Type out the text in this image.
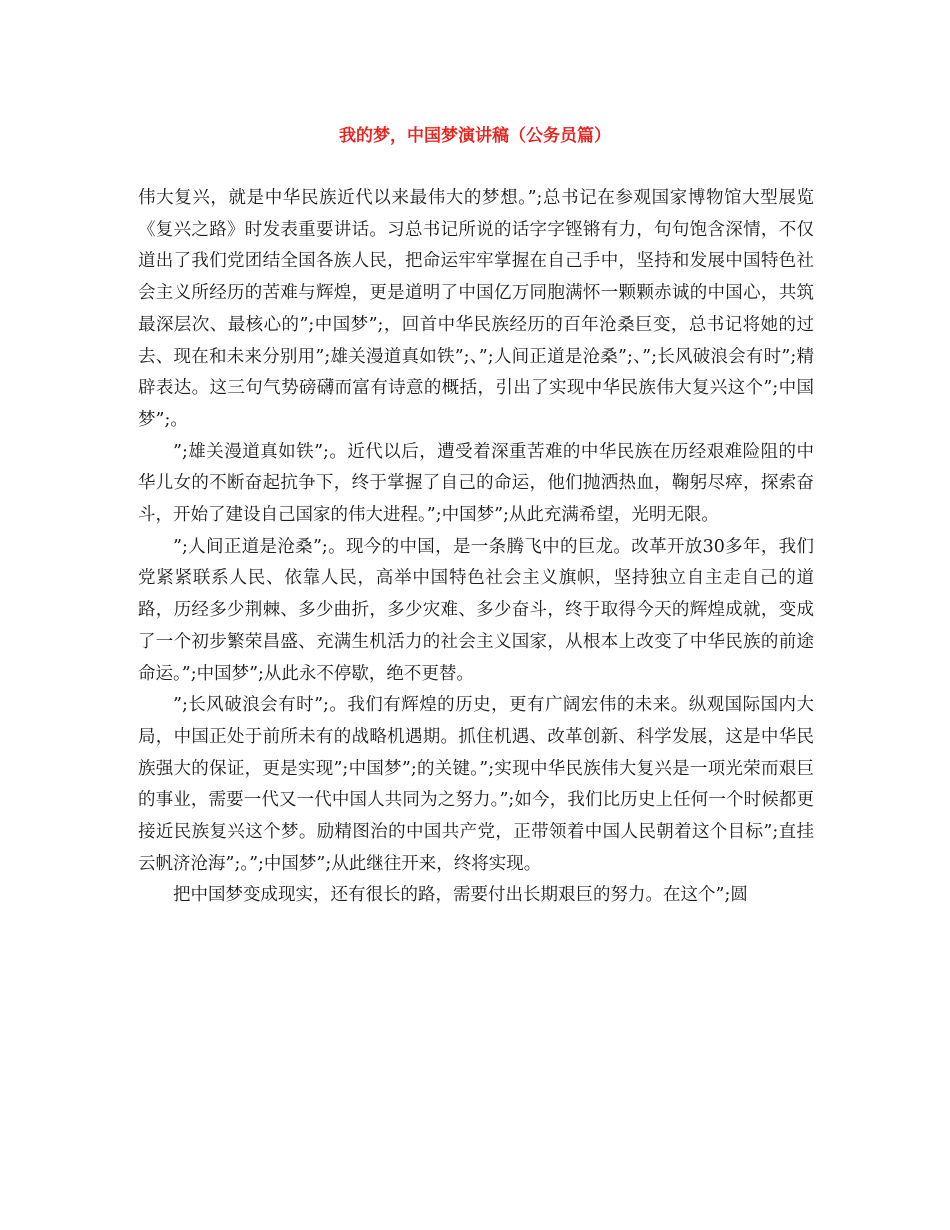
我的梦，中国梦演讲稿（公务员篇）

伟大复兴，就是中华民族近代以来最伟大的梦想。”;总书记在参观国家博物馆大型展览《复兴之路》时发表重要讲话。习总书记所说的话字字铿锵有力，句句饱含深情，不仅道出了我们党团结全国各族人民，把命运牢牢掌握在自己手中，坚持和发展中国特色社会主义所经历的苦难与辉煌，更是道明了中国亿万同胞满怀一颗颗赤诚的中国心，共筑最深层次、最核心的”;中国梦”;，回首中华民族经历的百年沧桑巨变，总书记将她的过去、现在和未来分别用”;雄关漫道真如铁”;、”;人间正道是沧桑”;、”;长风破浪会有时”;精辟表达。这三句气势磅礴而富有诗意的概括，引出了实现中华民族伟大复兴这个”;中国梦”;。

”;雄关漫道真如铁”;。近代以后，遭受着深重苦难的中华民族在历经艰难险阻的中华儿女的不断奋起抗争下，终于掌握了自己的命运，他们抛洒热血，鞠躬尽瘁，探索奋斗，开始了建设自己国家的伟大进程。”;中国梦”;从此充满希望，光明无限。

”;人间正道是沧桑”;。现今的中国，是一条腾飞中的巨龙。改革开放30多年，我们党紧紧联系人民、依靠人民，高举中国特色社会主义旗帜，坚持独立自主走自己的道路，历经多少荆棘、多少曲折，多少灾难、多少奋斗，终于取得今天的辉煌成就，变成了一个初步繁荣昌盛、充满生机活力的社会主义国家，从根本上改变了中华民族的前途命运。”;中国梦”;从此永不停歇，绝不更替。

”;长风破浪会有时”;。我们有辉煌的历史，更有广阔宏伟的未来。纵观国际国内大局，中国正处于前所未有的战略机遇期。抓住机遇、改革创新、科学发展，这是中华民族强大的保证，更是实现”;中国梦”;的关键。”;实现中华民族伟大复兴是一项光荣而艰巨的事业，需要一代又一代中国人共同为之努力。”;如今，我们比历史上任何一个时候都更接近民族复兴这个梦。励精图治的中国共产党，正带领着中国人民朝着这个目标”;直挂云帆济沧海”;。”;中国梦”;从此继往开来，终将实现。

把中国梦变成现实，还有很长的路，需要付出长期艰巨的努力。在这个”;圆
